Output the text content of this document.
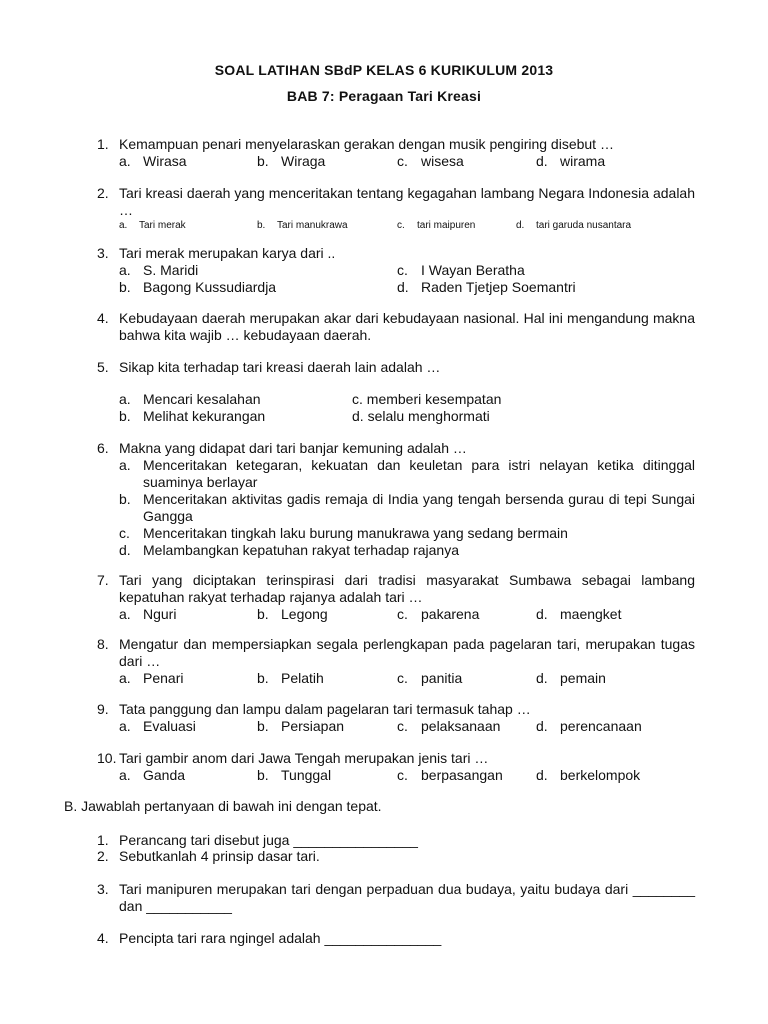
SOAL LATIHAN SBdP KELAS 6 KURIKULUM 2013
BAB 7: Peragaan Tari Kreasi
1. Kemampuan penari menyelaraskan gerakan dengan musik pengiring disebut …
a. Wirasa	b. Wiraga	c. wisesa	d. wirama
2. Tari kreasi daerah yang menceritakan tentang kegagahan lambang Negara Indonesia adalah …
a. Tari merak	b. Tari manukrawa	c. tari maipuren	d. tari garuda nusantara
3. Tari merak merupakan karya dari ..
a. S. Maridi	c. I Wayan Beratha
b. Bagong Kussudiardja	d. Raden Tjetjep Soemantri
4. Kebudayaan daerah merupakan akar dari kebudayaan nasional. Hal ini mengandung makna bahwa kita wajib … kebudayaan daerah.
5. Sikap kita terhadap tari kreasi daerah lain adalah …
a. Mencari kesalahan	c. memberi kesempatan
b. Melihat kekurangan	d. selalu menghormati
6. Makna yang didapat dari tari banjar kemuning adalah …
a. Menceritakan ketegaran, kekuatan dan keuletan para istri nelayan ketika ditinggal suaminya berlayar
b. Menceritakan aktivitas gadis remaja di India yang tengah bersenda gurau di tepi Sungai Gangga
c. Menceritakan tingkah laku burung manukrawa yang sedang bermain
d. Melambangkan kepatuhan rakyat terhadap rajanya
7. Tari yang diciptakan terinspirasi dari tradisi masyarakat Sumbawa sebagai lambang kepatuhan rakyat terhadap rajanya adalah tari …
a. Nguri	b. Legong	c. pakarena	d. maengket
8. Mengatur dan mempersiapkan segala perlengkapan pada pagelaran tari, merupakan tugas dari …
a. Penari	b. Pelatih	c. panitia	d. pemain
9. Tata panggung dan lampu dalam pagelaran tari termasuk tahap …
a. Evaluasi	b. Persiapan	c. pelaksanaan	d. perencanaan
10. Tari gambir anom dari Jawa Tengah merupakan jenis tari …
a. Ganda	b. Tunggal	c. berpasangan d. berkelompok
B. Jawablah pertanyaan di bawah ini dengan tepat.
1. Perancang tari disebut juga ________________
2. Sebutkanlah 4 prinsip dasar tari.
3. Tari manipuren merupakan tari dengan perpaduan dua budaya, yaitu budaya dari ________ dan ___________
4. Pencipta tari rara ngingel adalah _______________
